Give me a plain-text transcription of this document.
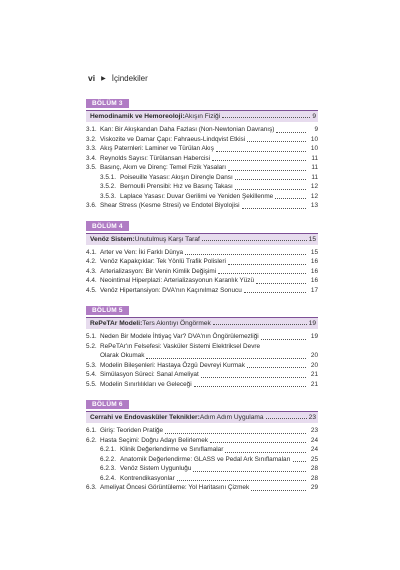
vi ▶ İçindekiler
BÖLÜM 3
Hemodinamik ve Hemoreoloji: Akışın Fiziği	9
3.1. Kan: Bir Akışkandan Daha Fazlası (Non-Newtonian Davranış)	9
3.2. Viskozite ve Damar Çapı: Fahraeus-Lindqvist Etkisi	10
3.3. Akış Paternleri: Laminer ve Türülan Akış	10
3.4. Reynolds Sayısı: Türülansan Habercisi	11
3.5. Basınç, Akım ve Direnç: Temel Fizik Yasaları	11
3.5.1. Poiseuille Yasası: Akışın Dirençle Dansı	11
3.5.2. Bernoulli Prensibi: Hız ve Basınç Takası	12
3.5.3. Laplace Yasası: Duvar Gerilimi ve Yeniden Şekillenme	12
3.6. Shear Stress (Kesme Stresi) ve Endotel Biyolojisi	13
BÖLÜM 4
Venöz Sistem: Unutulmuş Karşı Taraf	15
4.1. Arter ve Ven: İki Farklı Dünya	15
4.2. Venöz Kapakçıklar: Tek Yönlü Trafik Polisleri	16
4.3. Arterializasyon: Bir Venin Kimlik Değişimi	16
4.4. Neointimal Hiperplazi: Arterializasyonun Karanlık Yüzü	16
4.5. Venöz Hipertansiyon: DVA'nın Kaçınılmaz Sonucu	17
BÖLÜM 5
RePeTAr Modeli: Ters Akıntıyı Öngörmek	19
5.1. Neden Bir Modele İhtiyaç Var? DVA'nın Öngörülemezliği	19
5.2. RePeTAr'ın Felsefesi: Vasküler Sistemi Elektriksel Devre
Olarak Okumak	20
5.3. Modelin Bileşenleri: Hastaya Özgü Devreyi Kurmak	20
5.4. Simülasyon Süreci: Sanal Ameliyat	21
5.5. Modelin Sınırlılıkları ve Geleceği	21
BÖLÜM 6
Cerrahi ve Endovasküler Teknikler: Adım Adım Uygulama	23
6.1. Giriş: Teoriden Pratiğe	23
6.2. Hasta Seçimi: Doğru Adayı Belirlemek	24
6.2.1. Klinik Değerlendirme ve Sınıflamalar	24
6.2.2. Anatomik Değerlendirme: GLASS ve Pedal Ark Sınıflamaları	25
6.2.3. Venöz Sistem Uygunluğu	28
6.2.4. Kontrendikasyonlar	28
6.3. Ameliyat Öncesi Görüntüleme: Yol Haritasını Çizmek	29
